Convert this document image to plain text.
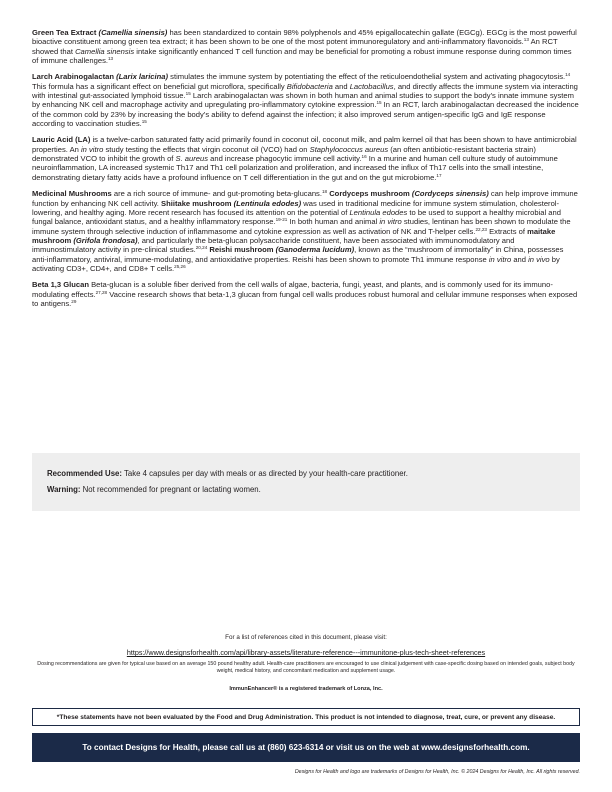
Green Tea Extract (Camellia sinensis) has been standardized to contain 98% polyphenols and 45% epigallocatechin gallate (EGCg). EGCg is the most powerful bioactive constituent among green tea extract; it has been shown to be one of the most potent immunoregulatory and anti-inflammatory flavonoids.$^{13}$ An RCT showed that Camellia sinensis intake significantly enhanced T cell function and may be beneficial for promoting a robust immune response during common times of immune challenges.$^{13}$

Larch Arabinogalactan (Larix laricina) stimulates the immune system by potentiating the effect of the reticuloendothelial system and activating phagocytosis.$^{14}$ This formula has a significant effect on beneficial gut microflora, specifically Bifidobacteria and Lactobacillus, and directly affects the immune system via interacting with intestinal gut-associated lymphoid tissue.$^{15}$ Larch arabinogalactan was shown in both human and animal studies to support the body’s innate immune system by enhancing NK cell and macrophage activity and upregulating pro-inflammatory cytokine expression.$^{15}$ In an RCT, larch arabinogalactan decreased the incidence of the common cold by 23% by increasing the body’s ability to defend against the infection; it also improved serum antigen-specific IgG and IgE response according to vaccination studies.$^{15}$

Lauric Acid (LA) is a twelve-carbon saturated fatty acid primarily found in coconut oil, coconut milk, and palm kernel oil that has been shown to have antimicrobial properties. An in vitro study testing the effects that virgin coconut oil (VCO) had on Staphylococcus aureus (an often antibiotic-resistant bacteria strain) demonstrated VCO to inhibit the growth of S. aureus and increase phagocytic immune cell activity.$^{16}$ In a murine and human cell culture study of autoimmune neuroinflammation, LA increased systemic Th17 and Th1 cell polarization and proliferation, and increased the influx of Th17 cells into the small intestine, demonstrating dietary fatty acids have a profound influence on T cell differentiation in the gut and on the gut microbiome.$^{17}$

Medicinal Mushrooms are a rich source of immune- and gut-promoting beta-glucans.$^{18}$ Cordyceps mushroom (Cordyceps sinensis) can help improve immune function by enhancing NK cell activity. Shiitake mushroom (Lentinula edodes) was used in traditional medicine for immune system stimulation, cholesterol-lowering, and healthy aging. More recent research has focused its attention on the potential of Lentinula edodes to be used to support a healthy microbial and fungal balance, antioxidant status, and a healthy inflammatory response.$^{19-21}$ In both human and animal in vitro studies, lentinan has been shown to modulate the immune system through selective induction of inflammasome and cytokine expression as well as activation of NK and T-helper cells.$^{22,23}$ Extracts of maitake mushroom (Grifola frondosa), and particularly the beta-glucan polysaccharide constituent, have been associated with immunomodulatory and immunostimulatory activity in pre-clinical studies.$^{20,24}$ Reishi mushroom (Ganoderma lucidum), known as the “mushroom of immortality” in China, possesses anti-inflammatory, antiviral, immune-modulating, and antioxidative properties. Reishi has been shown to promote Th1 immune response in vitro and in vivo by activating CD3+, CD4+, and CD8+ T cells.$^{25,26}$

Beta 1,3 Glucan Beta-glucan is a soluble fiber derived from the cell walls of algae, bacteria, fungi, yeast, and plants, and is commonly used for its immuno-modulating effects.$^{27,28}$ Vaccine research shows that beta-1,3 glucan from fungal cell walls produces robust humoral and cellular immune responses when exposed to antigens.$^{29}$

Recommended Use: Take 4 capsules per day with meals or as directed by your health-care practitioner.
Warning: Not recommended for pregnant or lactating women.
For a list of references cited in this document, please visit:
https://www.designsforhealth.com/api/library-assets/literature-reference---immunitone-plus-tech-sheet-references
Dosing recommendations are given for typical use based on an average 150 pound healthy adult. Health-care practitioners are encouraged to use clinical judgement with case-specific dosing based on intended goals, subject body weight, medical history, and concomitant medication and supplement usage.
ImmunEnhancer® is a registered trademark of Lonza, Inc.
*These statements have not been evaluated by the Food and Drug Administration. This product is not intended to diagnose, treat, cure, or prevent any disease.
To contact Designs for Health, please call us at (860) 623-6314 or visit us on the web at www.designsforhealth.com.
Designs for Health and logo are trademarks of Designs for Health, Inc. © 2024 Designs for Health, Inc. All rights reserved.
